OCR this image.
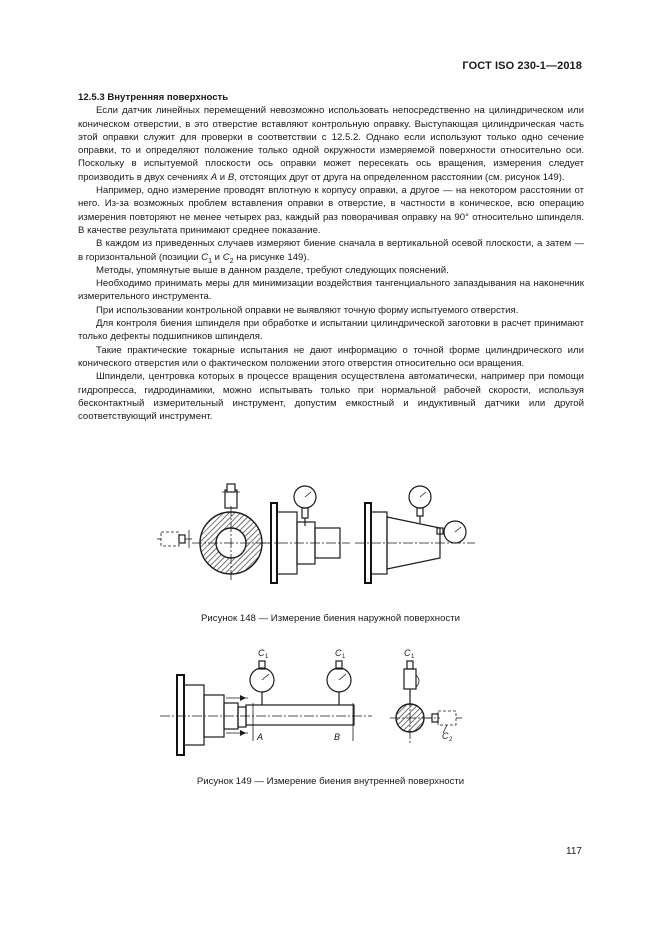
ГОСТ ISO 230-1—2018
12.5.3 Внутренняя поверхность

Если датчик линейных перемещений невозможно использовать непосредственно на цилиндрическом или коническом отверстии, в это отверстие вставляют контрольную оправку. Выступающая цилиндрическая часть этой оправки служит для проверки в соответствии с 12.5.2. Однако если используют только одно сечение оправки, то и определяют положение только одной окружности измеряемой поверхности относительно оси. Поскольку в испытуемой плоскости ось оправки может пересекать ось вращения, измерения следует производить в двух сечениях A и B, отстоящих друг от друга на определенном расстоянии (см. рисунок 149).

Например, одно измерение проводят вплотную к корпусу оправки, а другое — на некотором расстоянии от него. Из-за возможных проблем вставления оправки в отверстие, в частности в коническое, всю операцию измерения повторяют не менее четырех раз, каждый раз поворачивая оправку на 90° относительно шпинделя. В качестве результата принимают среднее показание.

В каждом из приведенных случаев измеряют биение сначала в вертикальной осевой плоскости, а затем — в горизонтальной (позиции $C_1$ и $C_2$ на рисунке 149).

Методы, упомянутые выше в данном разделе, требуют следующих пояснений.

Необходимо принимать меры для минимизации воздействия тангенциального запаздывания на наконечник измерительного инструмента.

При использовании контрольной оправки не выявляют точную форму испытуемого отверстия.

Для контроля биения шпинделя при обработке и испытании цилиндрической заготовки в расчет принимают только дефекты подшипников шпинделя.

Такие практические токарные испытания не дают информацию о точной форме цилиндрического или конического отверстия или о фактическом положении этого отверстия относительно оси вращения.

Шпиндели, центровка которых в процессе вращения осуществлена автоматически, например при помощи гидропресса, гидродинамики, можно испытывать только при нормальной рабочей скорости, используя бесконтактный измерительный инструмент, допустим емкостный и индуктивный датчики или другой соответствующий инструмент.

Рисунок 148 — Измерение биения наружной поверхности
C 1	C 1
A	B
C 1
C 2
Рисунок 149 — Измерение биения внутренней поверхности
117
